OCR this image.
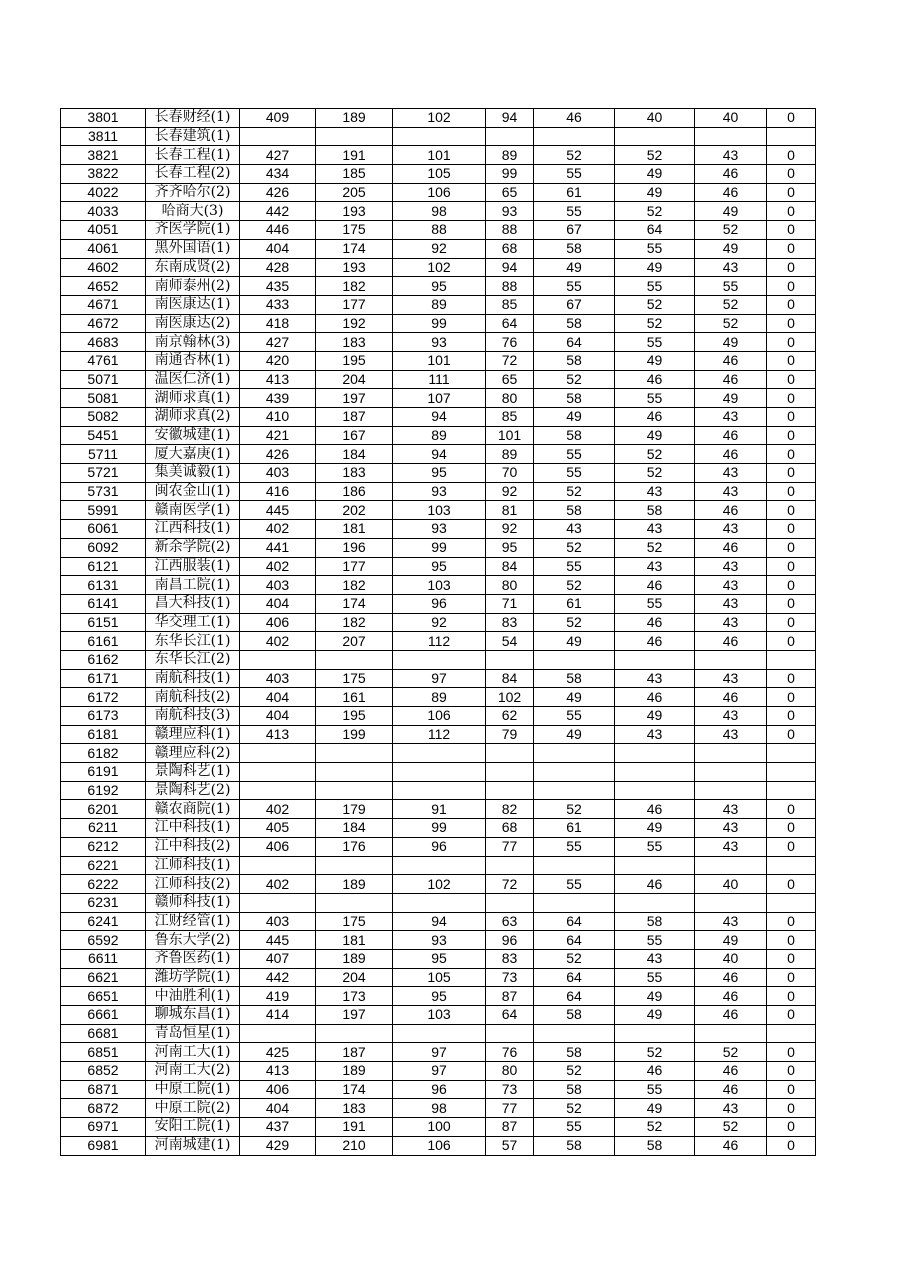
3801	长春财经(1)	409	189	102	94	46	40	40	0
3811	长春建筑(1)								
3821	长春工程(1)	427	191	101	89	52	52	43	0
3822	长春工程(2)	434	185	105	99	55	49	46	0
4022	齐齐哈尔(2)	426	205	106	65	61	49	46	0
4033	哈商大(3)	442	193	98	93	55	52	49	0
4051	齐医学院(1)	446	175	88	88	67	64	52	0
4061	黑外国语(1)	404	174	92	68	58	55	49	0
4602	东南成贤(2)	428	193	102	94	49	49	43	0
4652	南师泰州(2)	435	182	95	88	55	55	55	0
4671	南医康达(1)	433	177	89	85	67	52	52	0
4672	南医康达(2)	418	192	99	64	58	52	52	0
4683	南京翰林(3)	427	183	93	76	64	55	49	0
4761	南通杏林(1)	420	195	101	72	58	49	46	0
5071	温医仁济(1)	413	204	111	65	52	46	46	0
5081	湖师求真(1)	439	197	107	80	58	55	49	0
5082	湖师求真(2)	410	187	94	85	49	46	43	0
5451	安徽城建(1)	421	167	89	101	58	49	46	0
5711	厦大嘉庚(1)	426	184	94	89	55	52	46	0
5721	集美诚毅(1)	403	183	95	70	55	52	43	0
5731	闽农金山(1)	416	186	93	92	52	43	43	0
5991	赣南医学(1)	445	202	103	81	58	58	46	0
6061	江西科技(1)	402	181	93	92	43	43	43	0
6092	新余学院(2)	441	196	99	95	52	52	46	0
6121	江西服装(1)	402	177	95	84	55	43	43	0
6131	南昌工院(1)	403	182	103	80	52	46	43	0
6141	昌大科技(1)	404	174	96	71	61	55	43	0
6151	华交理工(1)	406	182	92	83	52	46	43	0
6161	东华长江(1)	402	207	112	54	49	46	46	0
6162	东华长江(2)								
6171	南航科技(1)	403	175	97	84	58	43	43	0
6172	南航科技(2)	404	161	89	102	49	46	46	0
6173	南航科技(3)	404	195	106	62	55	49	43	0
6181	赣理应科(1)	413	199	112	79	49	43	43	0
6182	赣理应科(2)								
6191	景陶科艺(1)								
6192	景陶科艺(2)								
6201	赣农商院(1)	402	179	91	82	52	46	43	0
6211	江中科技(1)	405	184	99	68	61	49	43	0
6212	江中科技(2)	406	176	96	77	55	55	43	0
6221	江师科技(1)								
6222	江师科技(2)	402	189	102	72	55	46	40	0
6231	赣师科技(1)								
6241	江财经管(1)	403	175	94	63	64	58	43	0
6592	鲁东大学(2)	445	181	93	96	64	55	49	0
6611	齐鲁医药(1)	407	189	95	83	52	43	40	0
6621	潍坊学院(1)	442	204	105	73	64	55	46	0
6651	中油胜利(1)	419	173	95	87	64	49	46	0
6661	聊城东昌(1)	414	197	103	64	58	49	46	0
6681	青岛恒星(1)								
6851	河南工大(1)	425	187	97	76	58	52	52	0
6852	河南工大(2)	413	189	97	80	52	46	46	0
6871	中原工院(1)	406	174	96	73	58	55	46	0
6872	中原工院(2)	404	183	98	77	52	49	43	0
6971	安阳工院(1)	437	191	100	87	55	52	52	0
6981	河南城建(1)	429	210	106	57	58	58	46	0
